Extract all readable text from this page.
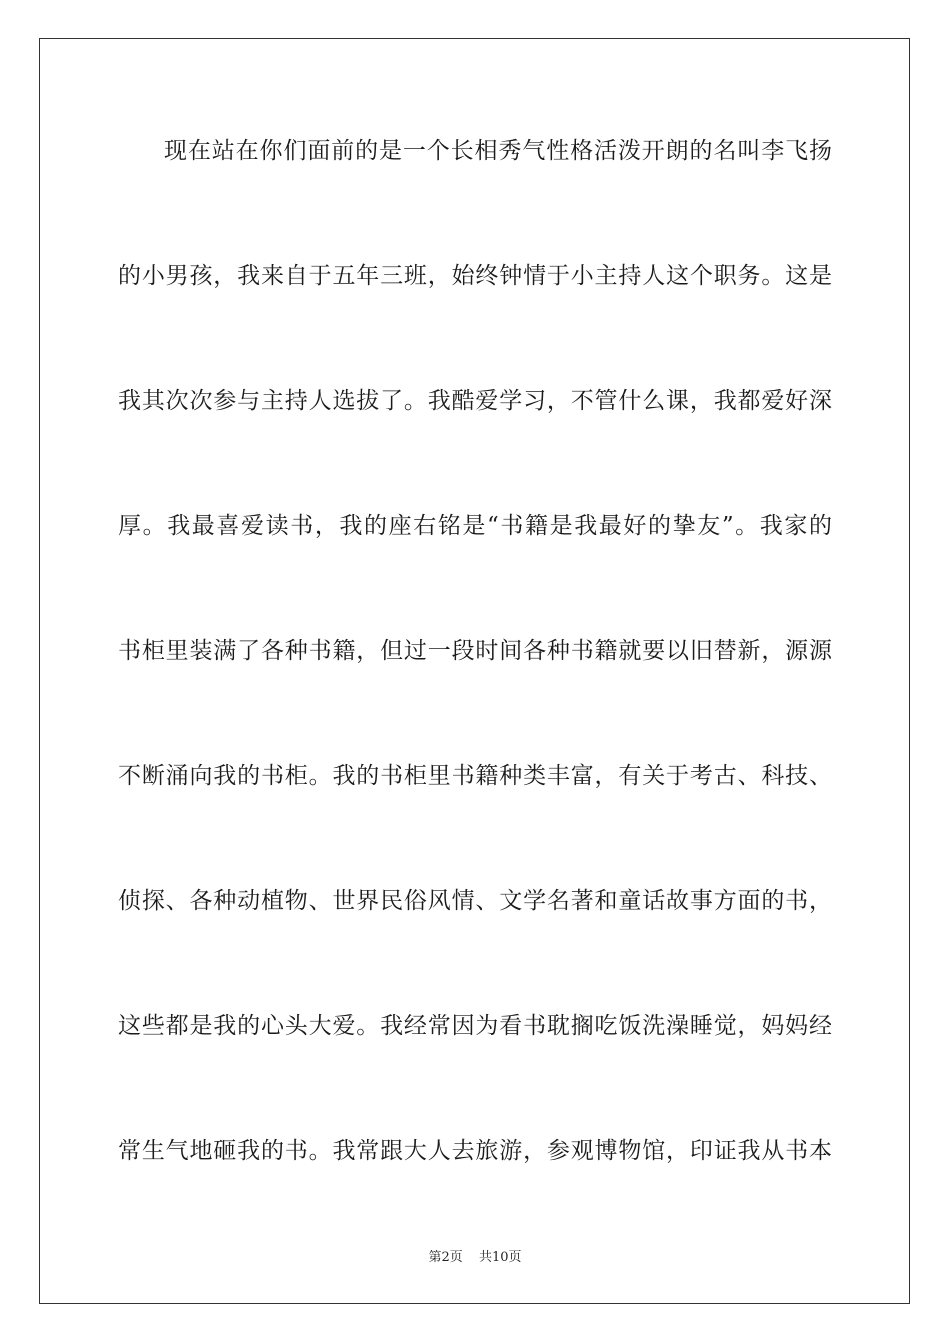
现在站在你们面前的是一个长相秀气性格活泼开朗的名叫李飞扬
的小男孩，我来自于五年三班，始终钟情于小主持人这个职务。这是
我其次次参与主持人选拔了。我酷爱学习，不管什么课，我都爱好深
厚。我最喜爱读书，我的座右铭是“书籍是我最好的挚友”。我家的
书柜里装满了各种书籍，但过一段时间各种书籍就要以旧替新，源源
不断涌向我的书柜。我的书柜里书籍种类丰富，有关于考古、科技、
侦探、各种动植物、世界民俗风情、文学名著和童话故事方面的书，
这些都是我的心头大爱。我经常因为看书耽搁吃饭洗澡睡觉，妈妈经
常生气地砸我的书。我常跟大人去旅游，参观博物馆，印证我从书本
第2页 共10页
